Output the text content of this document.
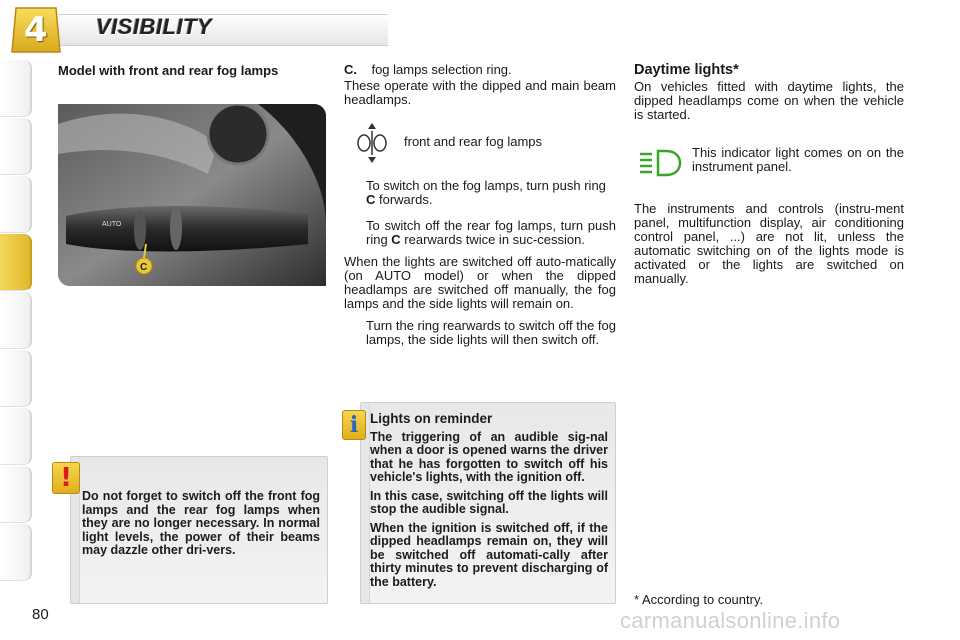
4 VISIBILITY

Model with front and rear fog lamps

C
AUTO
!
Do not forget to switch off the front fog lamps and the rear fog lamps when they are no longer necessary. In normal light levels, the power of their beams may dazzle other dri-vers.

C. fog lamps selection ring.

These operate with the dipped and main beam headlamps.

front and rear fog lamps
To switch on the fog lamps, turn push ring C forwards.
To switch off the rear fog lamps, turn push ring C rearwards twice in suc-cession.

When the lights are switched off auto-matically (on AUTO model) or when the dipped headlamps are switched off manually, the fog lamps and the side lights will remain on.

Turn the ring rearwards to switch off the fog lamps, the side lights will then switch off.
i Lights on reminder

The triggering of an audible sig-nal when a door is opened warns the driver that he has forgotten to switch off his vehicle's lights, with the ignition off.

In this case, switching off the lights will stop the audible signal.

When the ignition is switched off, if the dipped headlamps remain on, they will be switched off automati-cally after thirty minutes to prevent discharging of the battery.

Daytime lights*

On vehicles fitted with daytime lights, the dipped headlamps come on when the vehicle is started.

This indicator light comes on on the instrument panel.

The instruments and controls (instru-ment panel, multifunction display, air conditioning control panel, ...) are not lit, unless the automatic switching on of the lights mode is activated or the lights are switched on manually.

* According to country.
80	carmanualsonline.info
